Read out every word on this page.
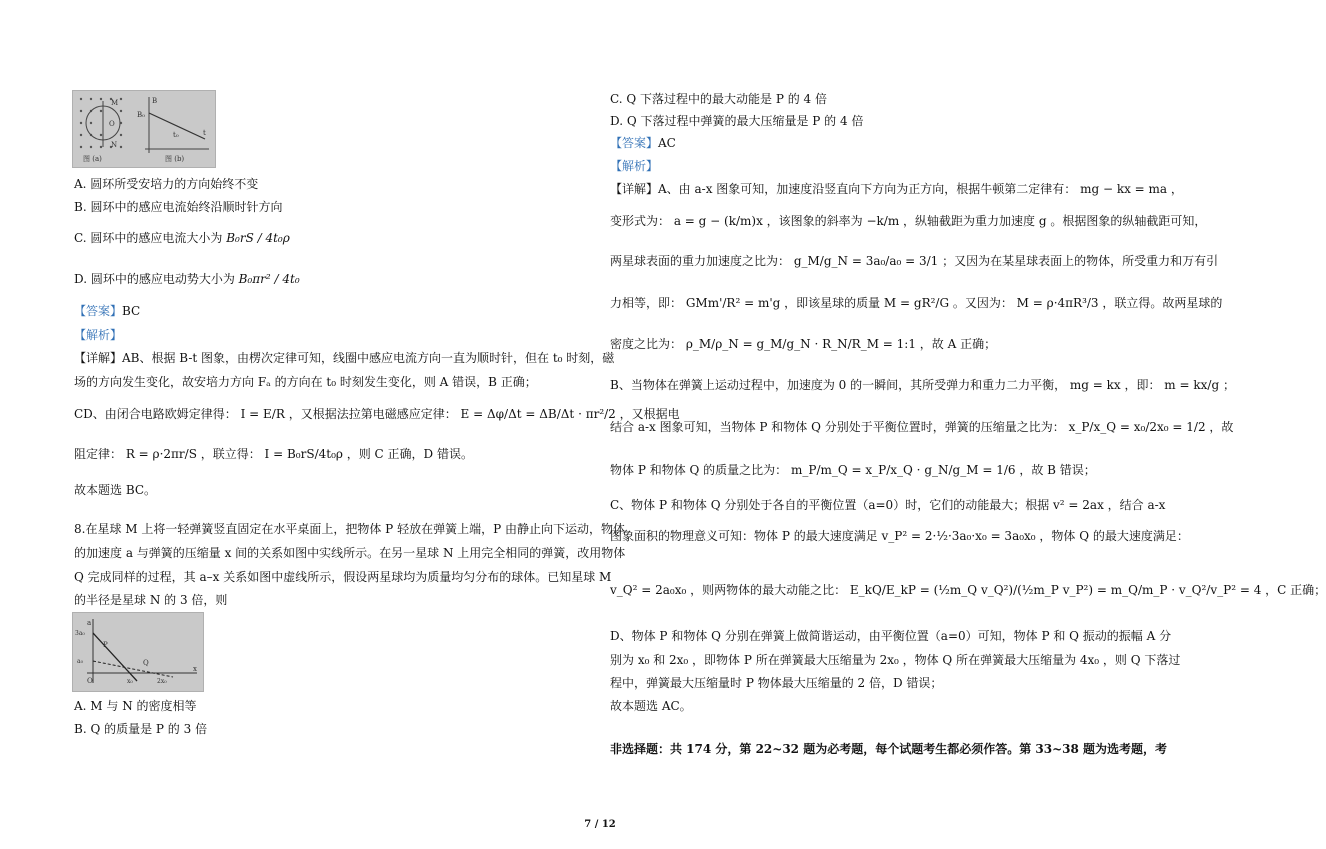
M
O
N
图 (a)
B
B₀
t₀	t
图 (b)
A. 圆环所受安培力的方向始终不变
B. 圆环中的感应电流始终沿顺时针方向
C. 圆环中的感应电流大小为 B₀rS / 4t₀ρ
D. 圆环中的感应电动势大小为 B₀πr² / 4t₀
【答案】BC
【解析】
【详解】AB、根据 B-t 图象，由楞次定律可知，线圈中感应电流方向一直为顺时针，但在 t₀ 时刻，磁
场的方向发生变化，故安培力方向 Fₐ 的方向在 t₀ 时刻发生变化，则 A 错误，B 正确；
CD、由闭合电路欧姆定律得： I = E/R ，又根据法拉第电磁感应定律： E = Δφ/Δt = ΔB/Δt · πr²/2 ，又根据电
阻定律： R = ρ·2πr/S ，联立得： I = B₀rS/4t₀ρ ，则 C 正确，D 错误。
故本题选 BC。
8.在星球 M 上将一轻弹簧竖直固定在水平桌面上，把物体 P 轻放在弹簧上端，P 由静止向下运动，物体
的加速度 a 与弹簧的压缩量 x 间的关系如图中实线所示。在另一星球 N 上用完全相同的弹簧，改用物体
Q 完成同样的过程，其 a–x 关系如图中虚线所示，假设两星球均为质量均匀分布的球体。已知星球 M
的半径是星球 N 的 3 倍，则
a
3a₀
a₀
P
Q
O	x₀	2x₀
x
A. M 与 N 的密度相等
B. Q 的质量是 P 的 3 倍
C. Q 下落过程中的最大动能是 P 的 4 倍
D. Q 下落过程中弹簧的最大压缩量是 P 的 4 倍
【答案】AC
【解析】
【详解】A、由 a-x 图象可知，加速度沿竖直向下方向为正方向，根据牛顿第二定律有： mg − kx = ma ，
变形式为： a = g − (k/m)x ，该图象的斜率为 −k/m ，纵轴截距为重力加速度 g 。根据图象的纵轴截距可知，
两星球表面的重力加速度之比为： g_M/g_N = 3a₀/a₀ = 3/1 ；又因为在某星球表面上的物体，所受重力和万有引
力相等，即： GMm'/R² = m'g ，即该星球的质量 M = gR²/G 。又因为： M = ρ·4πR³/3 ，联立得。故两星球的
密度之比为： ρ_M/ρ_N = g_M/g_N · R_N/R_M = 1:1 ，故 A 正确；
B、当物体在弹簧上运动过程中，加速度为 0 的一瞬间，其所受弹力和重力二力平衡， mg = kx ，即： m = kx/g ；
结合 a-x 图象可知，当物体 P 和物体 Q 分别处于平衡位置时，弹簧的压缩量之比为： x_P/x_Q = x₀/2x₀ = 1/2 ，故
物体 P 和物体 Q 的质量之比为： m_P/m_Q = x_P/x_Q · g_N/g_M = 1/6 ，故 B 错误；
C、物体 P 和物体 Q 分别处于各自的平衡位置（a=0）时，它们的动能最大；根据 v² = 2ax ，结合 a-x
图象面积的物理意义可知：物体 P 的最大速度满足 v_P² = 2·½·3a₀·x₀ = 3a₀x₀ ，物体 Q 的最大速度满足：
v_Q² = 2a₀x₀ ，则两物体的最大动能之比： E_kQ/E_kP = (½m_Q v_Q²)/(½m_P v_P²) = m_Q/m_P · v_Q²/v_P² = 4 ，C 正确；
D、物体 P 和物体 Q 分别在弹簧上做简谐运动，由平衡位置（a=0）可知，物体 P 和 Q 振动的振幅 A 分
别为 x₀ 和 2x₀ ，即物体 P 所在弹簧最大压缩量为 2x₀ ，物体 Q 所在弹簧最大压缩量为 4x₀ ，则 Q 下落过
程中，弹簧最大压缩量时 P 物体最大压缩量的 2 倍，D 错误；
故本题选 AC。
非选择题：共 174 分，第 22~32 题为必考题，每个试题考生都必须作答。第 33~38 题为选考题，考
7 / 12
